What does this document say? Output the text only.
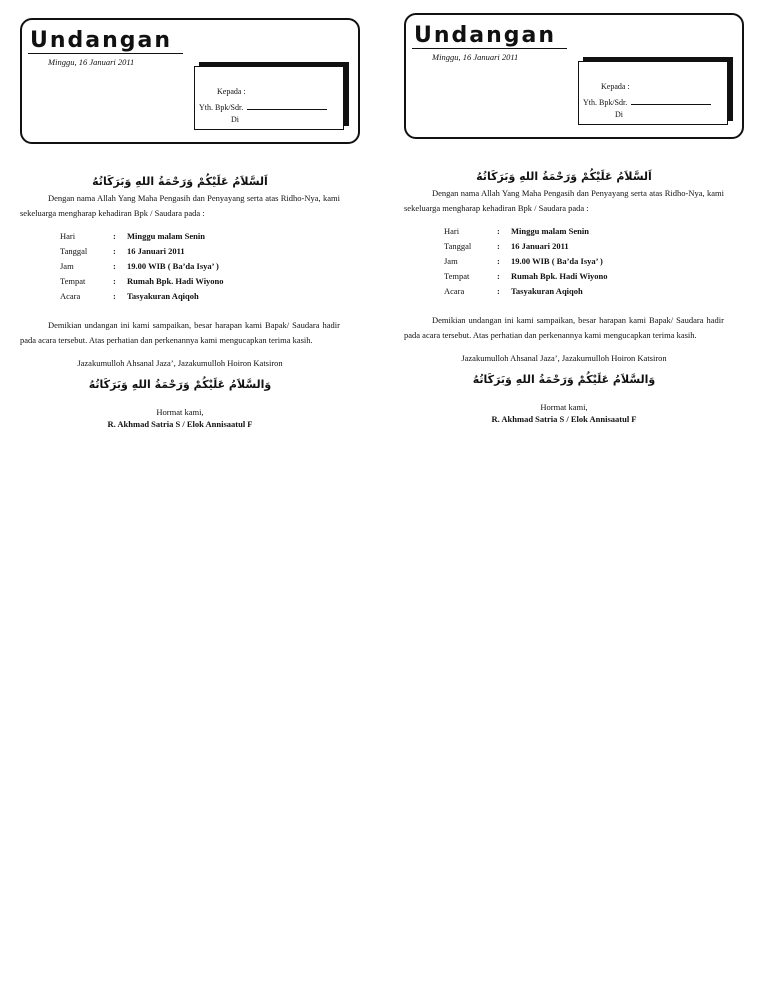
Undangan
Minggu, 16 Januari 2011
Kepada :
Yth. Bpk/Sdr.
Di
اَلسَّلاَمُ عَلَيْكُمْ وَرَحْمَةُ اللهِ وَبَرَكَاتُهُ

Dengan nama Allah Yang Maha Pengasih dan Penyayang serta atas Ridho-Nya, kami sekeluarga mengharap kehadiran Bpk / Saudara pada :

Hari	:	Minggu malam Senin
Tanggal	:	16 Januari 2011
Jam	:	19.00 WIB ( Ba’da Isya’ )
Tempat	:	Rumah Bpk. Hadi Wiyono
Acara	:	Tasyakuran Aqiqoh

Demikian undangan ini kami sampaikan, besar harapan kami Bapak/ Saudara hadir pada acara tersebut. Atas perhatian dan perkenannya kami mengucapkan terima kasih.

Jazakumulloh Ahsanal Jaza’, Jazakumulloh Hoiron Katsiron
وَالسَّلاَمُ عَلَيْكُمْ وَرَحْمَةُ اللهِ وَبَرَكَاتُهُ
Hormat kami,
R. Akhmad Satria S / Elok Annisaatul F
Undangan
Minggu, 16 Januari 2011
Kepada :
Yth. Bpk/Sdr.
Di
اَلسَّلاَمُ عَلَيْكُمْ وَرَحْمَةُ اللهِ وَبَرَكَاتُهُ

Dengan nama Allah Yang Maha Pengasih dan Penyayang serta atas Ridho-Nya, kami sekeluarga mengharap kehadiran Bpk / Saudara pada :

Hari	:	Minggu malam Senin
Tanggal	:	16 Januari 2011
Jam	:	19.00 WIB ( Ba’da Isya’ )
Tempat	:	Rumah Bpk. Hadi Wiyono
Acara	:	Tasyakuran Aqiqoh

Demikian undangan ini kami sampaikan, besar harapan kami Bapak/ Saudara hadir pada acara tersebut. Atas perhatian dan perkenannya kami mengucapkan terima kasih.

Jazakumulloh Ahsanal Jaza’, Jazakumulloh Hoiron Katsiron
وَالسَّلاَمُ عَلَيْكُمْ وَرَحْمَةُ اللهِ وَبَرَكَاتُهُ
Hormat kami,
R. Akhmad Satria S / Elok Annisaatul F
